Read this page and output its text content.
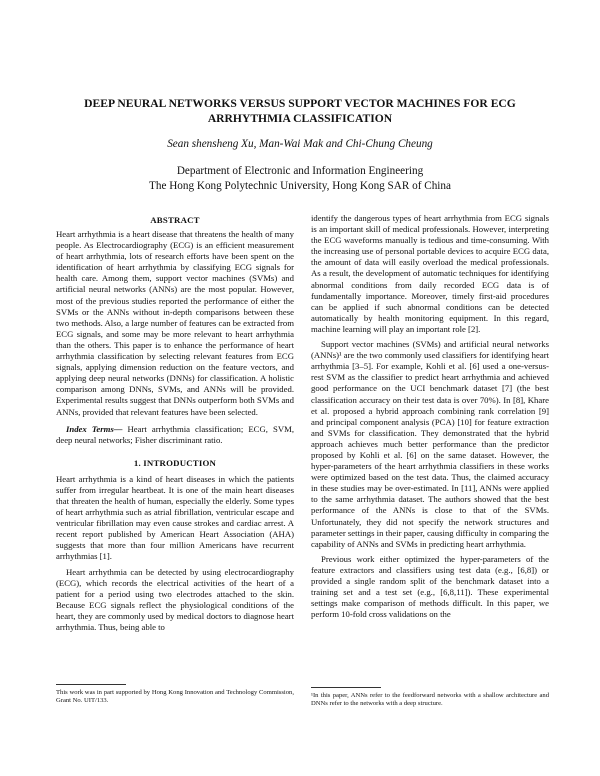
DEEP NEURAL NETWORKS VERSUS SUPPORT VECTOR MACHINES FOR ECG
ARRHYTHMIA CLASSIFICATION
Sean shensheng Xu, Man-Wai Mak and Chi-Chung Cheung
Department of Electronic and Information Engineering
The Hong Kong Polytechnic University, Hong Kong SAR of China
ABSTRACT

Heart arrhythmia is a heart disease that threatens the health of many people. As Electrocardiography (ECG) is an efficient measurement of heart arrhythmia, lots of research efforts have been spent on the identification of heart arrhythmia by classifying ECG signals for health care. Among them, support vector machines (SVMs) and artificial neural networks (ANNs) are the most popular. However, most of the previous studies reported the performance of either the SVMs or the ANNs without in-depth comparisons between these two methods. Also, a large number of features can be extracted from ECG signals, and some may be more relevant to heart arrhythmia than the others. This paper is to enhance the performance of heart arrhythmia classification by selecting relevant features from ECG signals, applying dimension reduction on the feature vectors, and applying deep neural networks (DNNs) for classification. A holistic comparison among DNNs, SVMs, and ANNs will be provided. Experimental results suggest that DNNs outperform both SVMs and ANNs, provided that relevant features have been selected.

Index Terms— Heart arrhythmia classification; ECG, SVM, deep neural networks; Fisher discriminant ratio.

1. INTRODUCTION

Heart arrhythmia is a kind of heart diseases in which the patients suffer from irregular heartbeat. It is one of the main heart diseases that threaten the health of human, especially the elderly. Some types of heart arrhythmia such as atrial fibrillation, ventricular escape and ventricular fibrillation may even cause strokes and cardiac arrest. A recent report published by American Heart Association (AHA) suggests that more than four million Americans have recurrent arrhythmias [1].

Heart arrhythmia can be detected by using electrocardiography (ECG), which records the electrical activities of the heart of a patient for a period using two electrodes attached to the skin. Because ECG signals reflect the physiological conditions of the heart, they are commonly used by medical doctors to diagnose heart arrhythmia. Thus, being able to

identify the dangerous types of heart arrhythmia from ECG signals is an important skill of medical professionals. However, interpreting the ECG waveforms manually is tedious and time-consuming. With the increasing use of personal portable devices to acquire ECG data, the amount of data will easily overload the medical professionals. As a result, the development of automatic techniques for identifying abnormal conditions from daily recorded ECG data is of fundamentally importance. Moreover, timely first-aid procedures can be applied if such abnormal conditions can be detected automatically by health monitoring equipment. In this regard, machine learning will play an important role [2].

Support vector machines (SVMs) and artificial neural networks (ANNs)¹ are the two commonly used classifiers for identifying heart arrhythmia [3–5]. For example, Kohli et al. [6] used a one-versus-rest SVM as the classifier to predict heart arrhythmia and achieved good performance on the UCI benchmark dataset [7] (the best classification accuracy on their test data is over 70%). In [8], Khare et al. proposed a hybrid approach combining rank correlation [9] and principal component analysis (PCA) [10] for feature extraction and SVMs for classification. They demonstrated that the hybrid approach achieves much better performance than the predictor proposed by Kohli et al. [6] on the same dataset. However, the hyper-parameters of the heart arrhythmia classifiers in these works were optimized based on the test data. Thus, the claimed accuracy in these studies may be over-estimated. In [11], ANNs were applied to the same arrhythmia dataset. The authors showed that the best performance of the ANNs is close to that of the SVMs. Unfortunately, they did not specify the network structures and parameter settings in their paper, causing difficulty in comparing the capability of ANNs and SVMs in predicting heart arrhythmia.

Previous work either optimized the hyper-parameters of the feature extractors and classifiers using test data (e.g., [6,8]) or provided a single random split of the benchmark dataset into a training set and a test set (e.g., [6,8,11]). These experimental settings make comparison of methods difficult. In this paper, we perform 10-fold cross validations on the

This work was in part supported by Hong Kong Innovation and Technology Commission, Grant No. UIT/133.
¹In this paper, ANNs refer to the feedforward networks with a shallow architecture and DNNs refer to the networks with a deep structure.
